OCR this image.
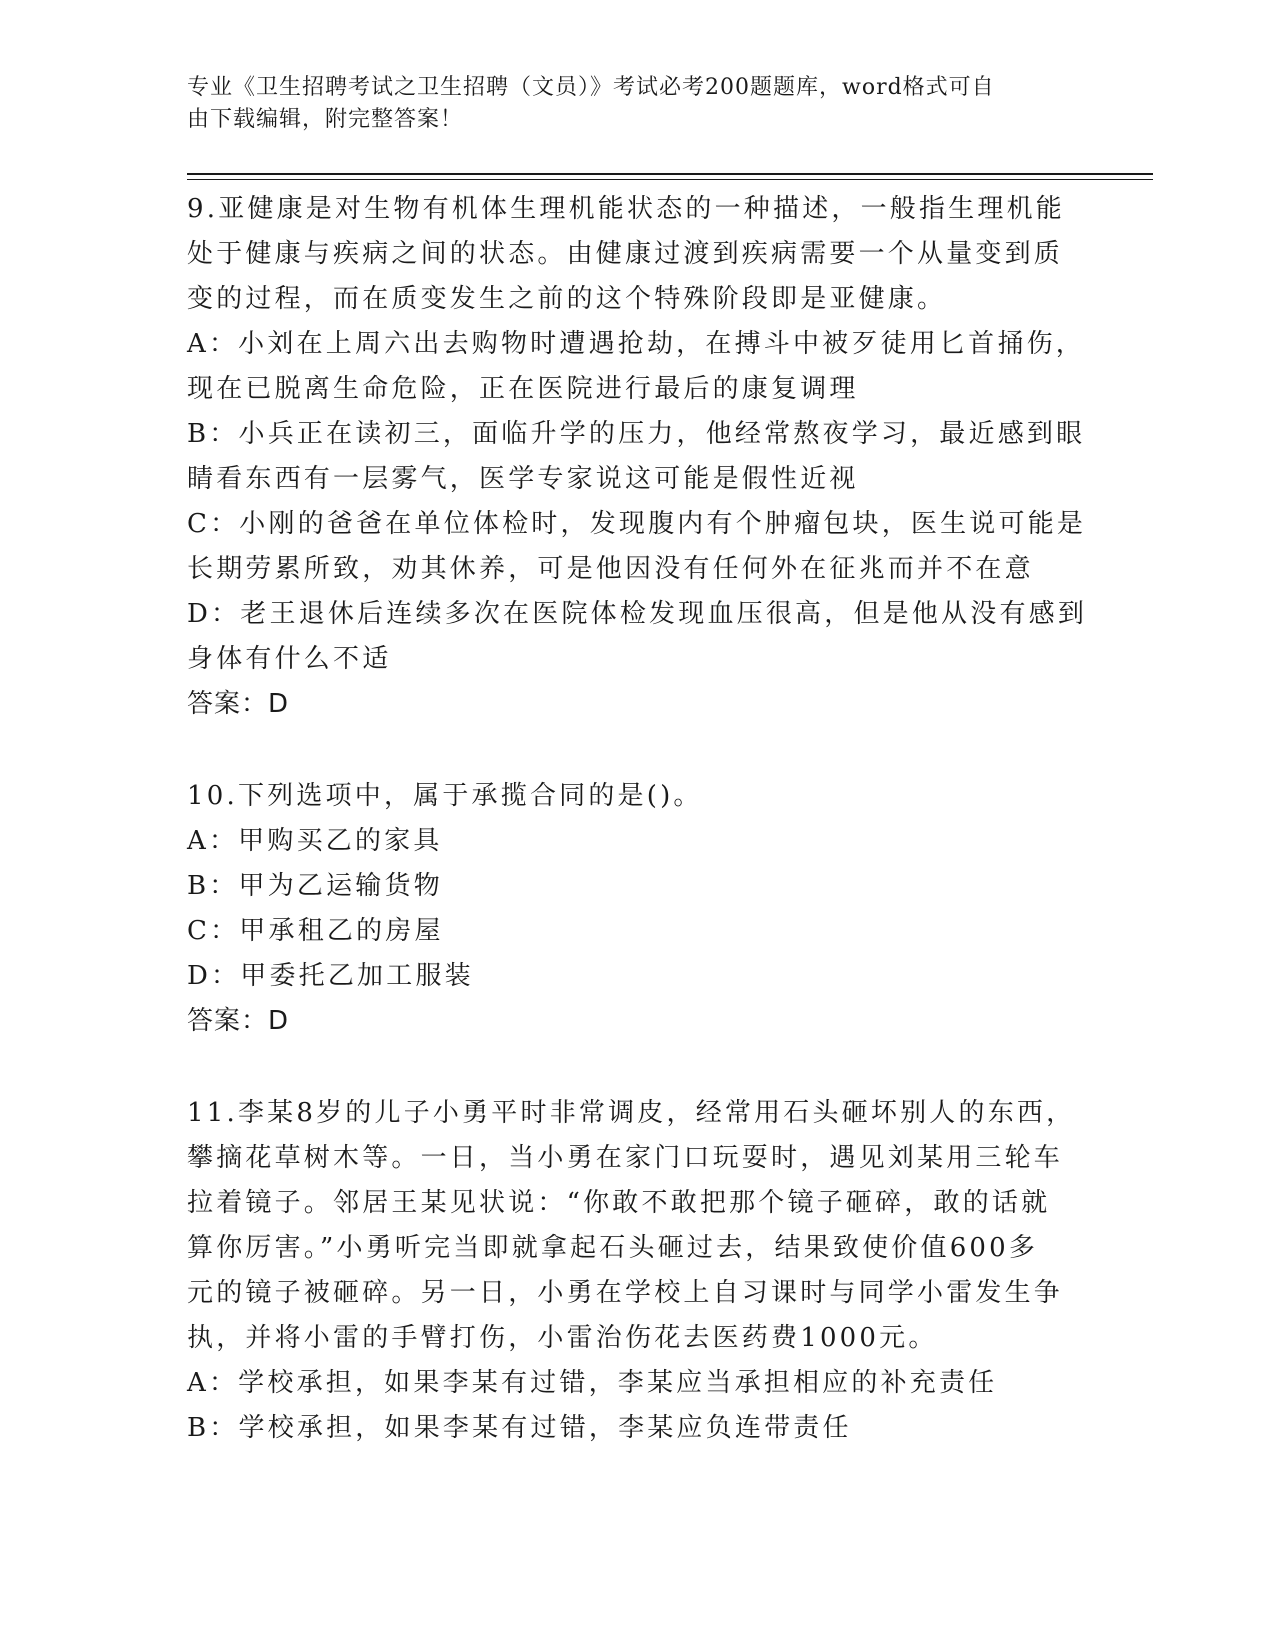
专业《卫生招聘考试之卫生招聘（文员）》考试必考200题题库，word格式可自
由下载编辑，附完整答案！
9.亚健康是对生物有机体生理机能状态的一种描述，一般指生理机能
处于健康与疾病之间的状态。由健康过渡到疾病需要一个从量变到质
变的过程，而在质变发生之前的这个特殊阶段即是亚健康。
A：小刘在上周六出去购物时遭遇抢劫，在搏斗中被歹徒用匕首捅伤，
现在已脱离生命危险，正在医院进行最后的康复调理
B：小兵正在读初三，面临升学的压力，他经常熬夜学习，最近感到眼
睛看东西有一层雾气，医学专家说这可能是假性近视
C：小刚的爸爸在单位体检时，发现腹内有个肿瘤包块，医生说可能是
长期劳累所致，劝其休养，可是他因没有任何外在征兆而并不在意
D：老王退休后连续多次在医院体检发现血压很高，但是他从没有感到
身体有什么不适
答案：D
10.下列选项中，属于承揽合同的是()。
A：甲购买乙的家具
B：甲为乙运输货物
C：甲承租乙的房屋
D：甲委托乙加工服装
答案：D
11.李某8岁的儿子小勇平时非常调皮，经常用石头砸坏别人的东西，
攀摘花草树木等。一日，当小勇在家门口玩耍时，遇见刘某用三轮车
拉着镜子。邻居王某见状说：“你敢不敢把那个镜子砸碎，敢的话就
算你厉害。”小勇听完当即就拿起石头砸过去，结果致使价值600多
元的镜子被砸碎。另一日，小勇在学校上自习课时与同学小雷发生争
执，并将小雷的手臂打伤，小雷治伤花去医药费1000元。
A：学校承担，如果李某有过错，李某应当承担相应的补充责任
B：学校承担，如果李某有过错，李某应负连带责任
